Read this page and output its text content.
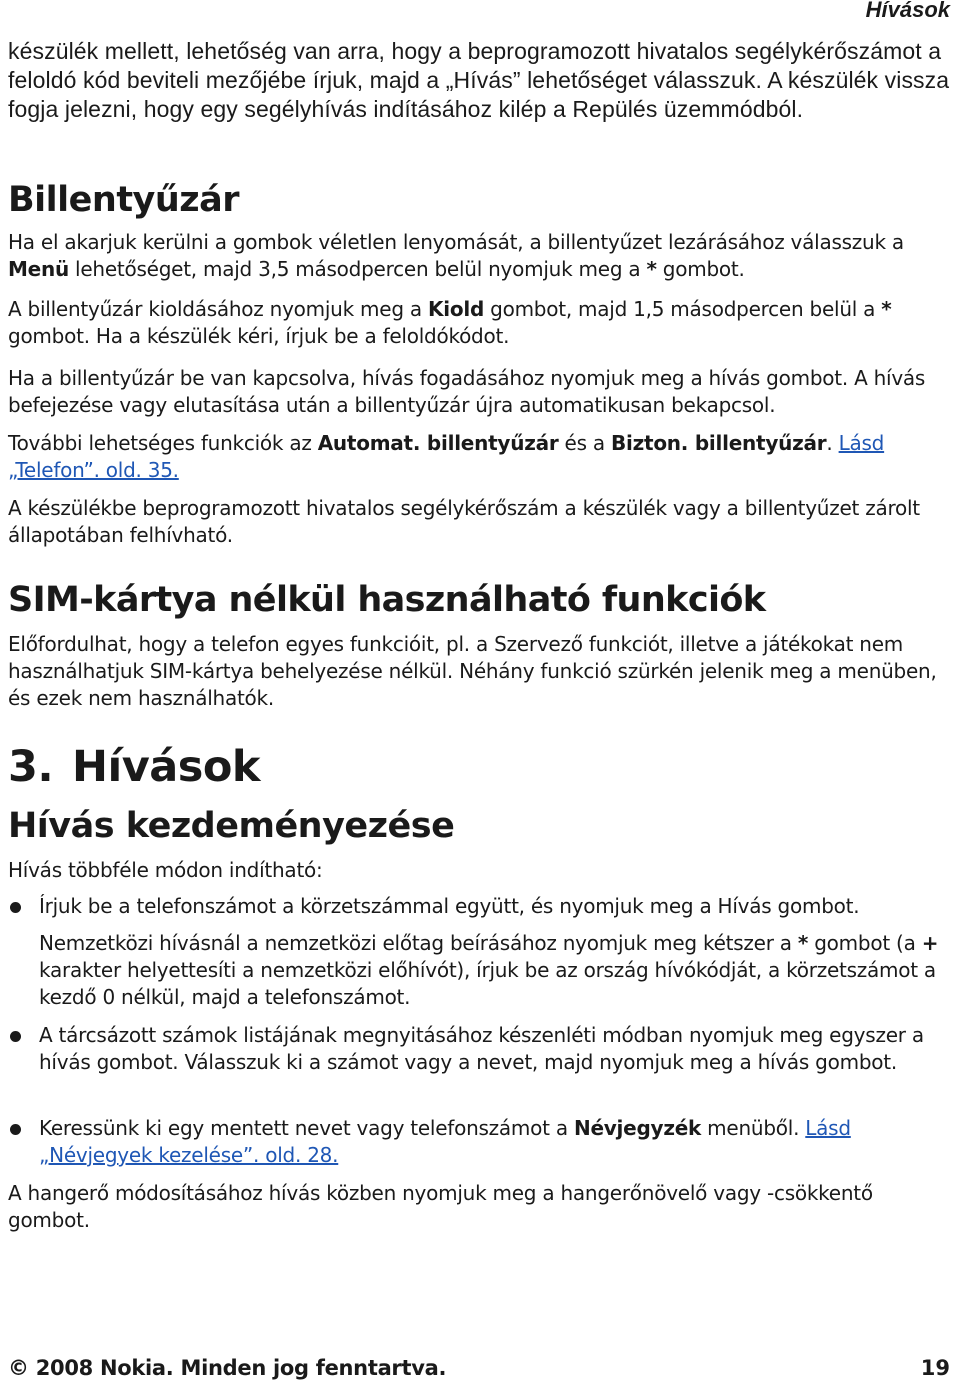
Hívások

készülék mellett, lehetőség van arra, hogy a beprogramozott hivatalos segélykérőszámot a feloldó kód beviteli mezőjébe írjuk, majd a „Hívás” lehetőséget válasszuk. A készülék vissza fogja jelezni, hogy egy segélyhívás indításához kilép a Repülés üzemmódból.

Billentyűzár

Ha el akarjuk kerülni a gombok véletlen lenyomását, a billentyűzet lezárásához válasszuk a Menü lehetőséget, majd 3,5 másodpercen belül nyomjuk meg a * gombot.

A billentyűzár kioldásához nyomjuk meg a Kiold gombot, majd 1,5 másodpercen belül a * gombot. Ha a készülék kéri, írjuk be a feloldókódot.

Ha a billentyűzár be van kapcsolva, hívás fogadásához nyomjuk meg a hívás gombot. A hívás befejezése vagy elutasítása után a billentyűzár újra automatikusan bekapcsol.

További lehetséges funkciók az Automat. billentyűzár és a Bizton. billentyűzár. Lásd „Telefon”. old. 35.

A készülékbe beprogramozott hivatalos segélykérőszám a készülék vagy a billentyűzet zárolt állapotában felhívható.

SIM-kártya nélkül használható funkciók

Előfordulhat, hogy a telefon egyes funkcióit, pl. a Szervező funkciót, illetve a játékokat nem használhatjuk SIM-kártya behelyezése nélkül. Néhány funkció szürkén jelenik meg a menüben, és ezek nem használhatók.

3. Hívások
Hívás kezdeményezése

Hívás többféle módon indítható:

Írjuk be a telefonszámot a körzetszámmal együtt, és nyomjuk meg a Hívás gombot.

Nemzetközi hívásnál a nemzetközi előtag beírásához nyomjuk meg kétszer a * gombot (a + karakter helyettesíti a nemzetközi előhívót), írjuk be az ország hívókódját, a körzetszámot a kezdő 0 nélkül, majd a telefonszámot.

A tárcsázott számok listájának megnyitásához készenléti módban nyomjuk meg egyszer a hívás gombot. Válasszuk ki a számot vagy a nevet, majd nyomjuk meg a hívás gombot.

Keressünk ki egy mentett nevet vagy telefonszámot a Névjegyzék menüből. Lásd „Névjegyek kezelése”. old. 28.

A hangerő módosításához hívás közben nyomjuk meg a hangerőnövelő vagy -csökkentő gombot.

© 2008 Nokia. Minden jog fenntartva.	19
